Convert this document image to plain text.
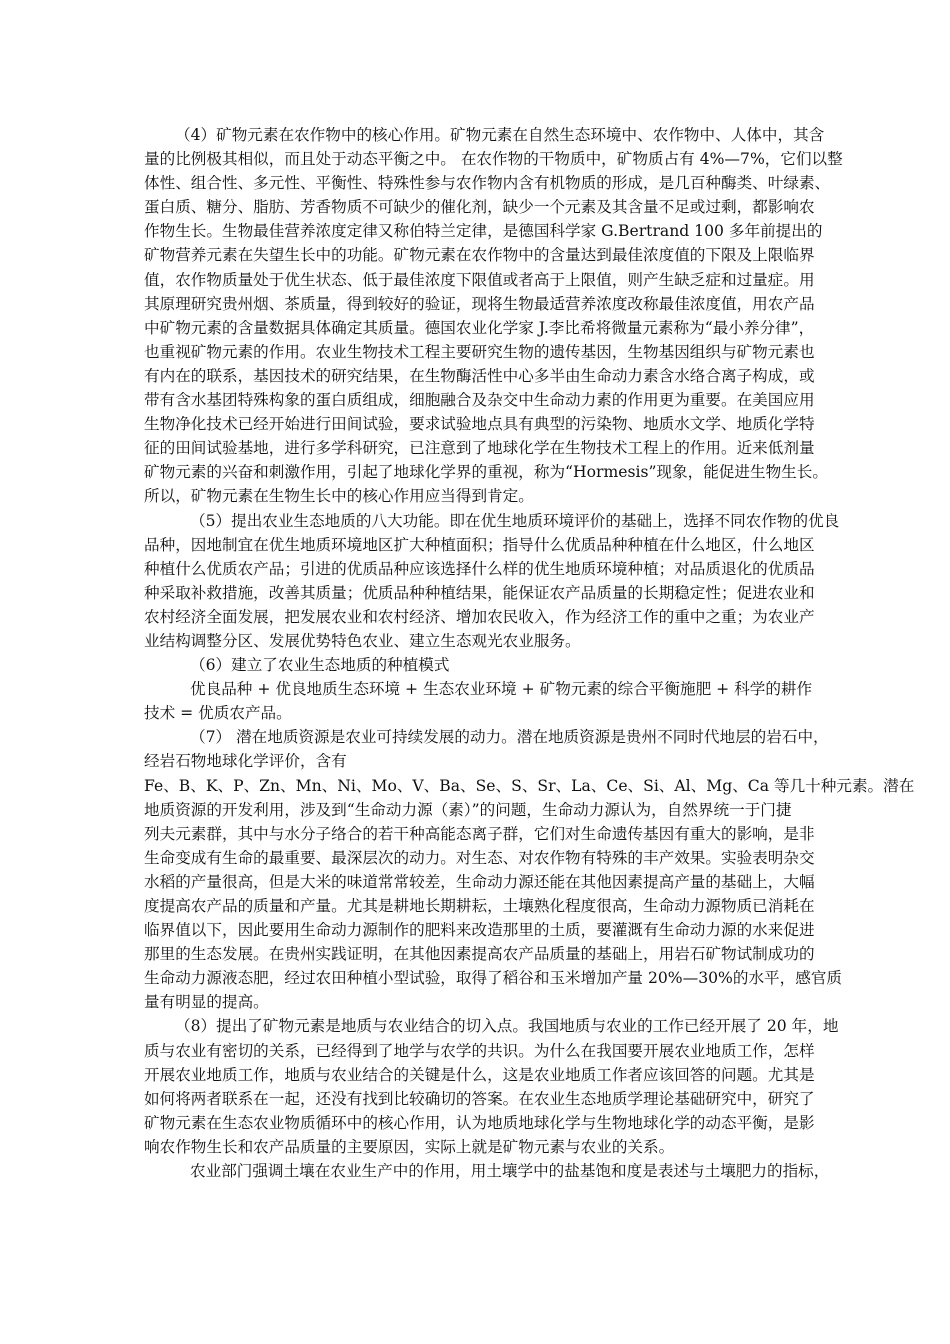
（4）矿物元素在农作物中的核心作用。矿物元素在自然生态环境中、农作物中、人体中，其含
量的比例极其相似，而且处于动态平衡之中。 在农作物的干物质中，矿物质占有 4%—7%，它们以整
体性、组合性、多元性、平衡性、特殊性参与农作物内含有机物质的形成，是几百种酶类、叶绿素、
蛋白质、糖分、脂肪、芳香物质不可缺少的催化剂，缺少一个元素及其含量不足或过剩，都影响农
作物生长。生物最佳营养浓度定律又称伯特兰定律，是德国科学家 G.Bertrand 100 多年前提出的
矿物营养元素在失望生长中的功能。矿物元素在农作物中的含量达到最佳浓度值的下限及上限临界
值，农作物质量处于优生状态、低于最佳浓度下限值或者高于上限值，则产生缺乏症和过量症。用
其原理研究贵州烟、茶质量，得到较好的验证，现将生物最适营养浓度改称最佳浓度值，用农产品
中矿物元素的含量数据具体确定其质量。德国农业化学家 J.李比希将微量元素称为“最小养分律”，
也重视矿物元素的作用。农业生物技术工程主要研究生物的遗传基因，生物基因组织与矿物元素也
有内在的联系，基因技术的研究结果，在生物酶活性中心多半由生命动力素含水络合离子构成，或
带有含水基团特殊构象的蛋白质组成，细胞融合及杂交中生命动力素的作用更为重要。在美国应用
生物净化技术已经开始进行田间试验，要求试验地点具有典型的污染物、地质水文学、地质化学特
征的田间试验基地，进行多学科研究，已注意到了地球化学在生物技术工程上的作用。近来低剂量
矿物元素的兴奋和刺激作用，引起了地球化学界的重视，称为“Hormesis”现象，能促进生物生长。
所以，矿物元素在生物生长中的核心作用应当得到肯定。
（5）提出农业生态地质的八大功能。即在优生地质环境评价的基础上，选择不同农作物的优良
品种，因地制宜在优生地质环境地区扩大种植面积；指导什么优质品种种植在什么地区，什么地区
种植什么优质农产品；引进的优质品种应该选择什么样的优生地质环境种植；对品质退化的优质品
种采取补救措施，改善其质量；优质品种种植结果，能保证农产品质量的长期稳定性；促进农业和
农村经济全面发展，把发展农业和农村经济、增加农民收入，作为经济工作的重中之重；为农业产
业结构调整分区、发展优势特色农业、建立生态观光农业服务。
（6）建立了农业生态地质的种植模式
优良品种 + 优良地质生态环境 + 生态农业环境 + 矿物元素的综合平衡施肥 + 科学的耕作
技术 = 优质农产品。
（7） 潜在地质资源是农业可持续发展的动力。潜在地质资源是贵州不同时代地层的岩石中，
经岩石物地球化学评价，含有
Fe、B、K、P、Zn、Mn、Ni、Mo、V、Ba、Se、S、Sr、La、Ce、Si、Al、Mg、Ca 等几十种元素。潜在
地质资源的开发利用，涉及到“生命动力源（素）”的问题，生命动力源认为，自然界统一于门捷
列夫元素群，其中与水分子络合的若干种高能态离子群，它们对生命遗传基因有重大的影响，是非
生命变成有生命的最重要、最深层次的动力。对生态、对农作物有特殊的丰产效果。实验表明杂交
水稻的产量很高，但是大米的味道常常较差，生命动力源还能在其他因素提高产量的基础上，大幅
度提高农产品的质量和产量。尤其是耕地长期耕耘，土壤熟化程度很高，生命动力源物质已消耗在
临界值以下，因此要用生命动力源制作的肥料来改造那里的土质，要灌溉有生命动力源的水来促进
那里的生态发展。在贵州实践证明，在其他因素提高农产品质量的基础上，用岩石矿物试制成功的
生命动力源液态肥，经过农田种植小型试验，取得了稻谷和玉米增加产量 20%—30%的水平，感官质
量有明显的提高。
（8）提出了矿物元素是地质与农业结合的切入点。我国地质与农业的工作已经开展了 20 年，地
质与农业有密切的关系，已经得到了地学与农学的共识。为什么在我国要开展农业地质工作，怎样
开展农业地质工作，地质与农业结合的关键是什么，这是农业地质工作者应该回答的问题。尤其是
如何将两者联系在一起，还没有找到比较确切的答案。在农业生态地质学理论基础研究中，研究了
矿物元素在生态农业物质循环中的核心作用，认为地质地球化学与生物地球化学的动态平衡，是影
响农作物生长和农产品质量的主要原因，实际上就是矿物元素与农业的关系。
农业部门强调土壤在农业生产中的作用，用土壤学中的盐基饱和度是表述与土壤肥力的指标，
